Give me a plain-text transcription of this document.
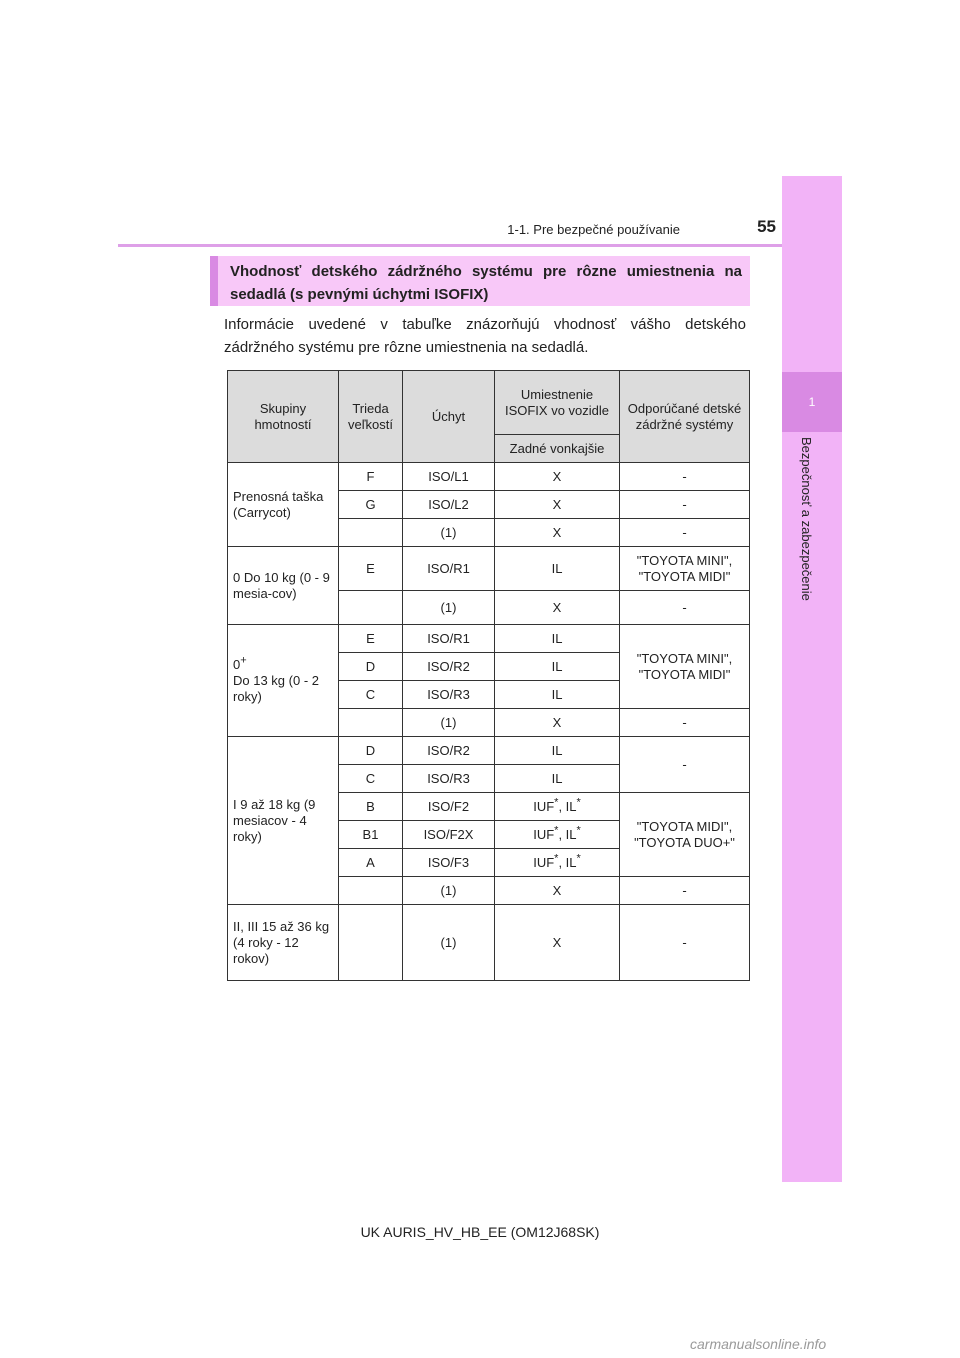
1-1. Pre bezpečné používanie	55
1
Bezpečnosť a zabezpečenie
Vhodnosť detského zádržného systému pre rôzne umiestnenia na sedadlá (s pevnými úchytmi ISOFIX)
Informácie uvedené v tabuľke znázorňujú vhodnosť vášho detského zádržného systému pre rôzne umiestnenia na sedadlá.
Skupiny hmotností	Trieda veľkostí	Úchyt	Umiestnenie ISOFIX vo vozidle	Odporúčané detské zádržné systémy
			Zadné vonkajšie	
Prenosná taška (Carrycot)	F	ISO/L1	X	-
	G	ISO/L2	X	-
		(1)	X	-
0 Do 10 kg (0 - 9 mesia-cov)	E	ISO/R1	IL	"TOYOTA MINI", "TOYOTA MIDI"
		(1)	X	-
0+
Do 13 kg (0 - 2 roky)	E	ISO/R1	IL	"TOYOTA MINI", "TOYOTA MIDI"
	D	ISO/R2	IL	
	C	ISO/R3	IL	
		(1)	X	-
I 9 až 18 kg (9 mesiacov - 4 roky)	D	ISO/R2	IL	-
	C	ISO/R3	IL	
	B	ISO/F2	IUF*, IL*	"TOYOTA MIDI", "TOYOTA DUO+"
	B1	ISO/F2X	IUF*, IL*
	A	ISO/F3	IUF*, IL*
		(1)	X	-
II, III 15 až 36 kg (4 roky - 12 rokov)		(1)	X	-
UK AURIS_HV_HB_EE (OM12J68SK)
carmanualsonline.info
